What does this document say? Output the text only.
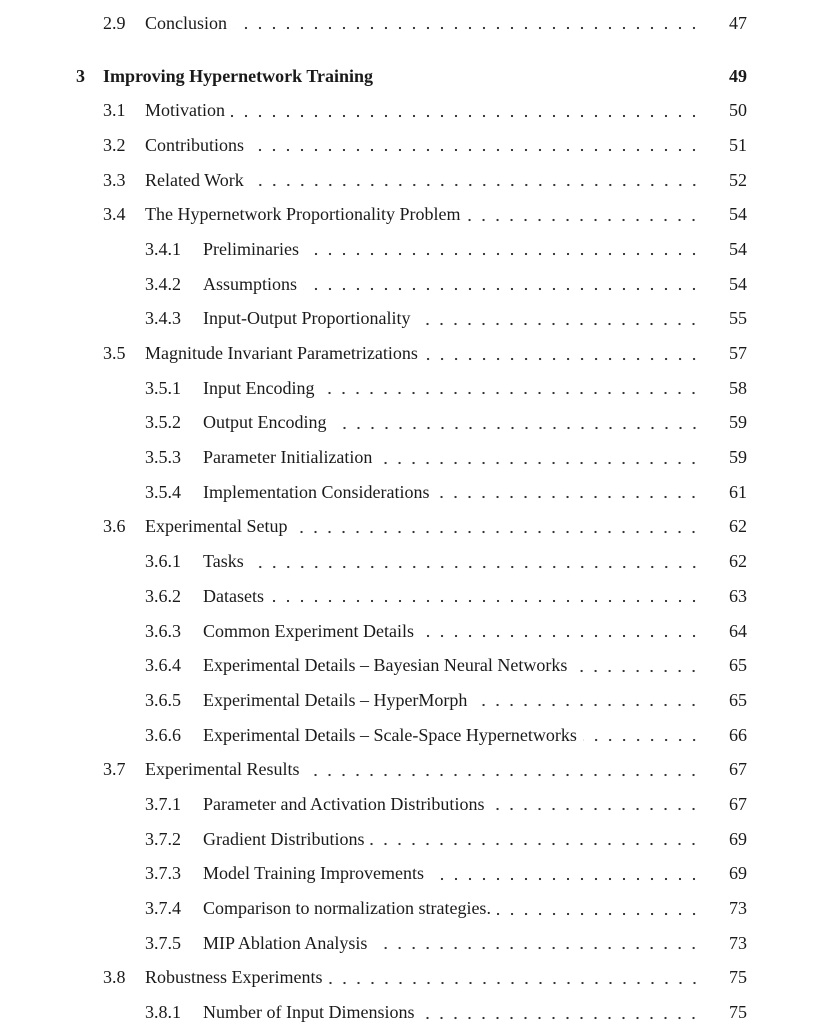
2.9	Conclusion	47
3	Improving Hypernetwork Training	49
3.1	Motivation	50
3.2	Contributions	51
3.3	Related Work	52
3.4	The Hypernetwork Proportionality Problem	54
3.4.1	Preliminaries	54
3.4.2	Assumptions	54
3.4.3	Input-Output Proportionality	55
3.5	Magnitude Invariant Parametrizations	57
3.5.1	Input Encoding	58
3.5.2	Output Encoding	59
3.5.3	Parameter Initialization	59
3.5.4	Implementation Considerations	61
3.6	Experimental Setup	62
3.6.1	Tasks	62
3.6.2	Datasets	63
3.6.3	Common Experiment Details	64
3.6.4	Experimental Details – Bayesian Neural Networks	65
3.6.5	Experimental Details – HyperMorph	65
3.6.6	Experimental Details – Scale-Space Hypernetworks	66
3.7	Experimental Results	67
3.7.1	Parameter and Activation Distributions	67
3.7.2	Gradient Distributions	69
3.7.3	Model Training Improvements	69
3.7.4	Comparison to normalization strategies.	73
3.7.5	MIP Ablation Analysis	73
3.8	Robustness Experiments	75
3.8.1	Number of Input Dimensions	75
